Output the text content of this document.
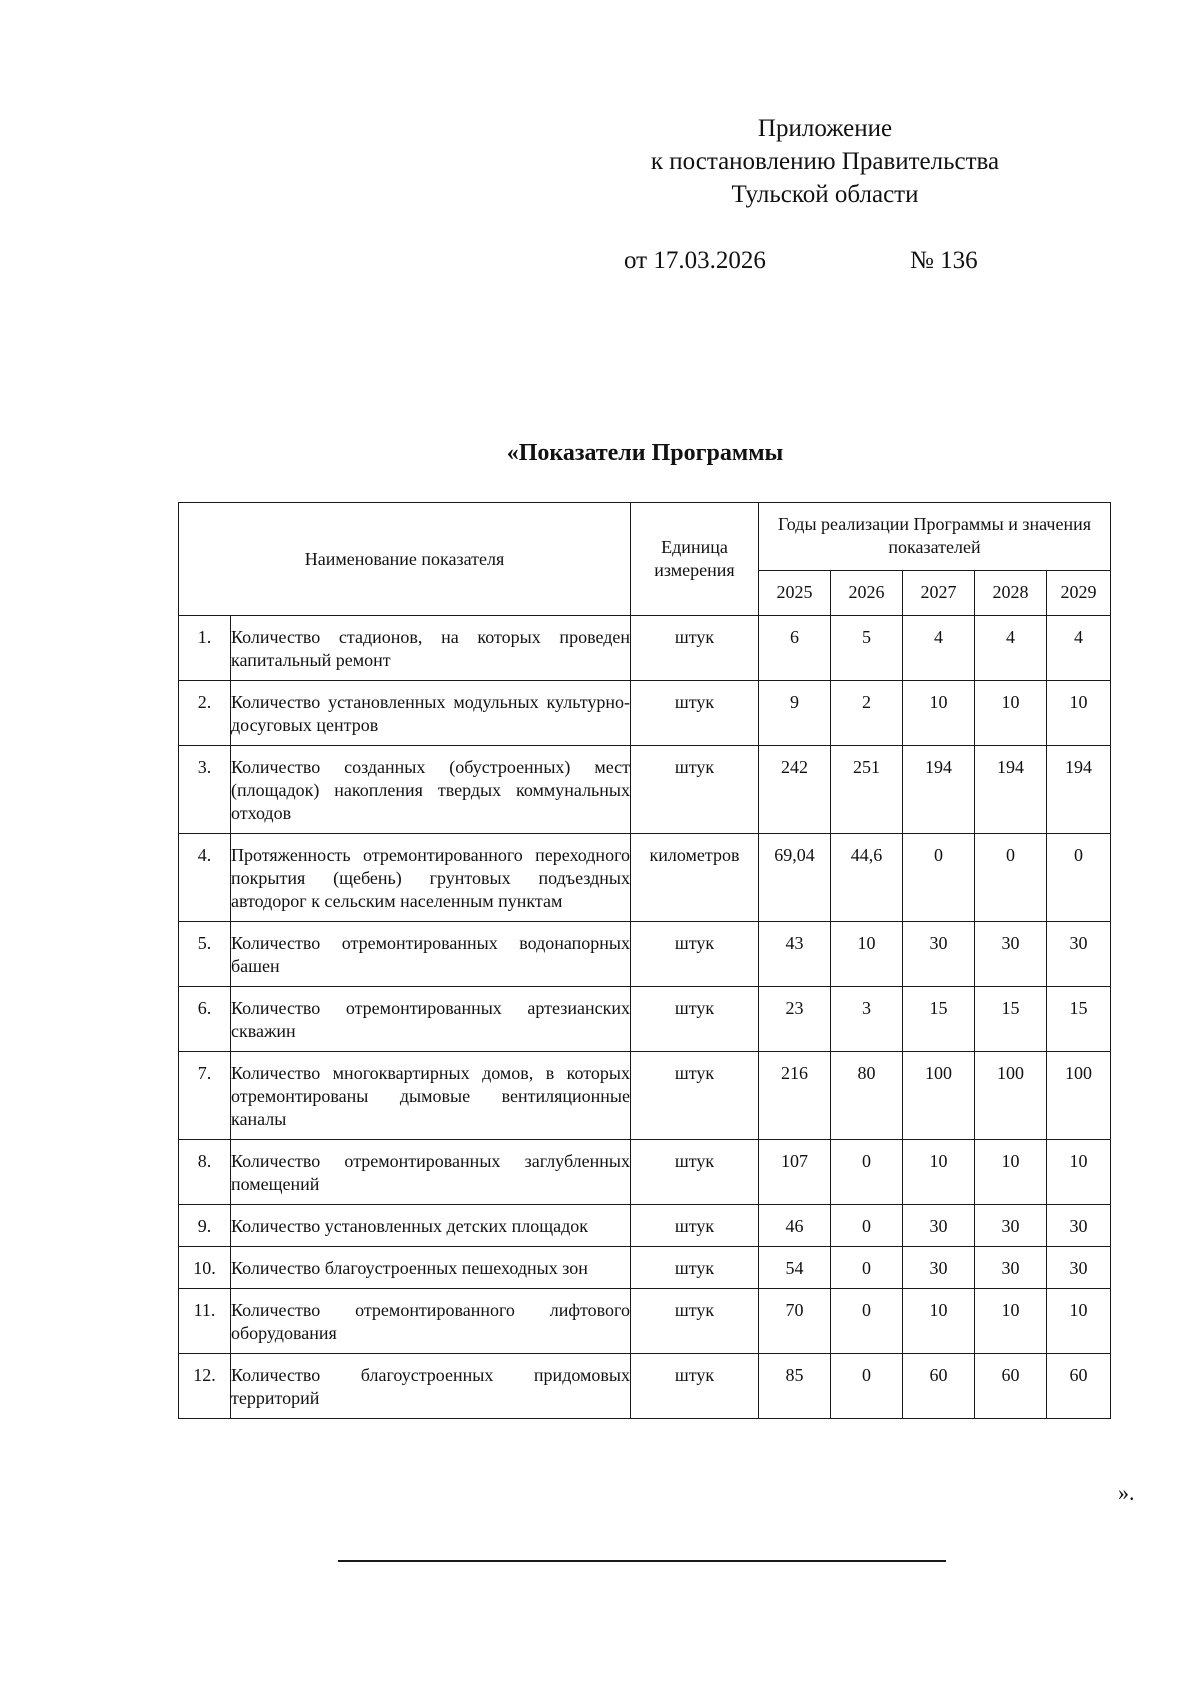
Приложение
к постановлению Правительства
Тульской области
от 17.03.2026	№ 136
«Показатели Программы
Наименование показателя		Единица измерения	Годы реализации Программы и значения показателей				
			2025	2026	2027	2028	2029
1.	Количество стадионов, на которых проведен капитальный ремонт	штук	6	5	4	4	4
2.	Количество установленных модульных культурно-досуговых центров	штук	9	2	10	10	10
3.	Количество созданных (обустроенных) мест (площадок) накопления твердых коммунальных отходов	штук	242	251	194	194	194
4.	Протяженность отремонтированного переходного покрытия (щебень) грунтовых подъездных автодорог к сельским населенным пунктам	километров	69,04	44,6	0	0	0
5.	Количество отремонтированных водонапорных башен	штук	43	10	30	30	30
6.	Количество отремонтированных артезианских скважин	штук	23	3	15	15	15
7.	Количество многоквартирных домов, в которых отремонтированы дымовые вентиляционные каналы	штук	216	80	100	100	100
8.	Количество отремонтированных заглубленных помещений	штук	107	0	10	10	10
9.	Количество установленных детских площадок	штук	46	0	30	30	30
10.	Количество благоустроенных пешеходных зон	штук	54	0	30	30	30
11.	Количество отремонтированного лифтового оборудования	штук	70	0	10	10	10
12.	Количество благоустроенных придомовых территорий	штук	85	0	60	60	60
».
